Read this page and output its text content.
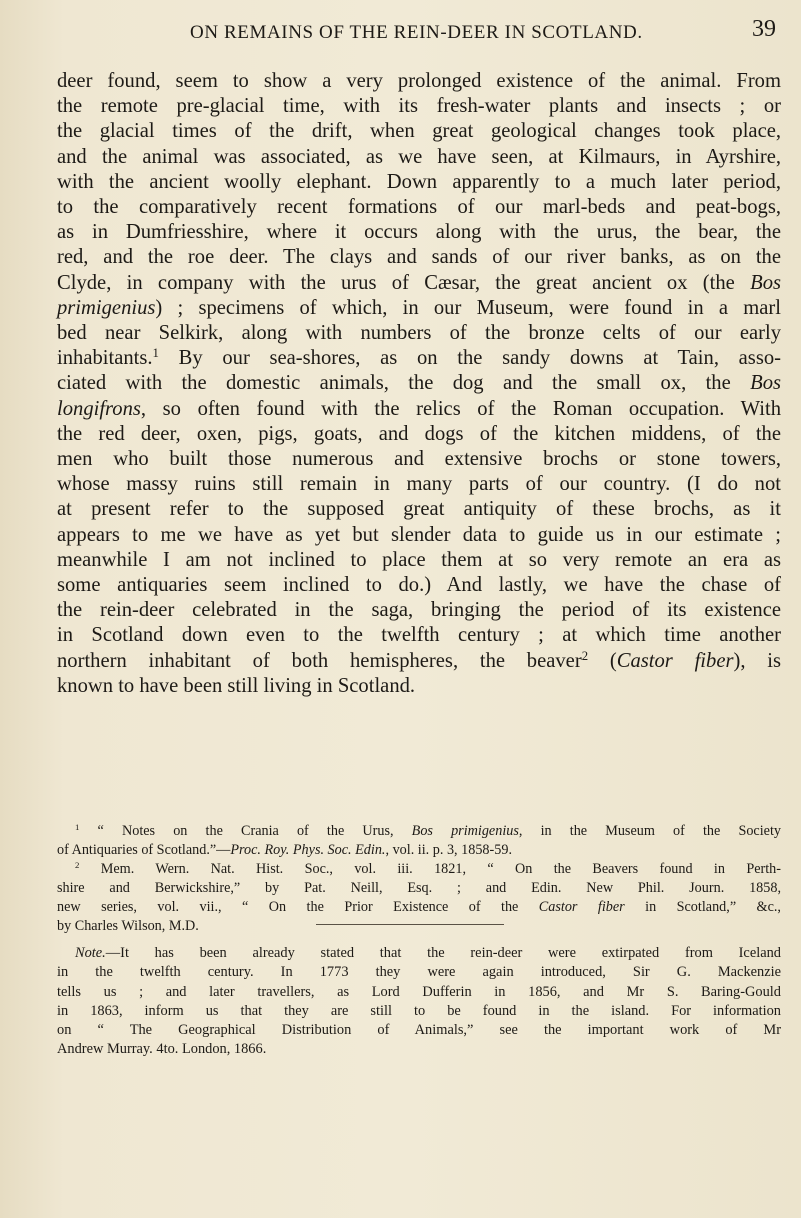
ON REMAINS OF THE REIN-DEER IN SCOTLAND.	39
deer found, seem to show a very prolonged existence of the animal. From
the remote pre-glacial time, with its fresh-water plants and insects ; or
the glacial times of the drift, when great geological changes took place,
and the animal was associated, as we have seen, at Kilmaurs, in Ayrshire,
with the ancient woolly elephant. Down apparently to a much later period,
to the comparatively recent formations of our marl-beds and peat-bogs,
as in Dumfriesshire, where it occurs along with the urus, the bear, the
red, and the roe deer. The clays and sands of our river banks, as on the
Clyde, in company with the urus of Cæsar, the great ancient ox (the Bos
primigenius) ; specimens of which, in our Museum, were found in a marl
bed near Selkirk, along with numbers of the bronze celts of our early
inhabitants.$^1$ By our sea-shores, as on the sandy downs at Tain, asso-
ciated with the domestic animals, the dog and the small ox, the Bos
longifrons, so often found with the relics of the Roman occupation. With
the red deer, oxen, pigs, goats, and dogs of the kitchen middens, of the
men who built those numerous and extensive brochs or stone towers,
whose massy ruins still remain in many parts of our country. (I do not
at present refer to the supposed great antiquity of these brochs, as it
appears to me we have as yet but slender data to guide us in our estimate ;
meanwhile I am not inclined to place them at so very remote an era as
some antiquaries seem inclined to do.) And lastly, we have the chase of
the rein-deer celebrated in the saga, bringing the period of its existence
in Scotland down even to the twelfth century ; at which time another
northern inhabitant of both hemispheres, the beaver$^2$ (Castor fiber), is
known to have been still living in Scotland.
$^1$ “ Notes on the Crania of the Urus, Bos primigenius, in the Museum of the Society
of Antiquaries of Scotland.”—Proc. Roy. Phys. Soc. Edin., vol. ii. p. 3, 1858-59.
$^2$ Mem. Wern. Nat. Hist. Soc., vol. iii. 1821, “ On the Beavers found in Perth-
shire and Berwickshire,” by Pat. Neill, Esq. ; and Edin. New Phil. Journ. 1858,
new series, vol. vii., “ On the Prior Existence of the Castor fiber in Scotland,” &c.,
by Charles Wilson, M.D.
Note.—It has been already stated that the rein-deer were extirpated from Iceland
in the twelfth century. In 1773 they were again introduced, Sir G. Mackenzie
tells us ; and later travellers, as Lord Dufferin in 1856, and Mr S. Baring-Gould
in 1863, inform us that they are still to be found in the island. For information
on “ The Geographical Distribution of Animals,” see the important work of Mr
Andrew Murray. 4to. London, 1866.
